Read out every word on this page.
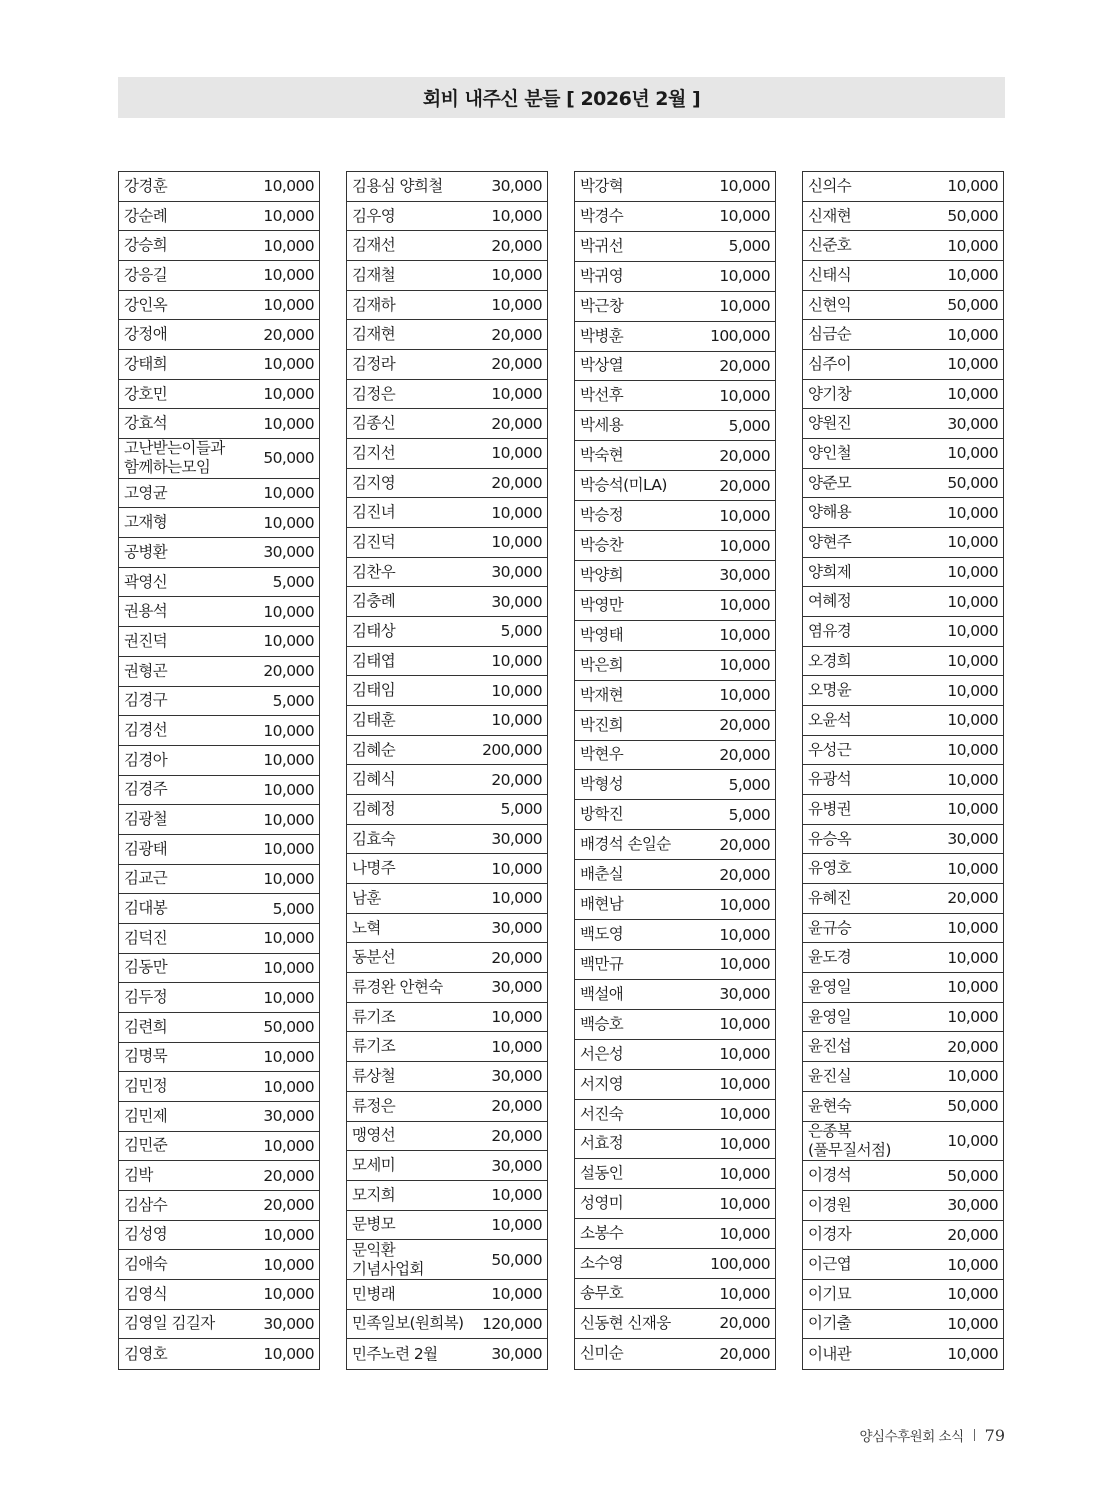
회비 내주신 분들 [ 2026년 2월 ]
강경훈	10,000
강순례	10,000
강승희	10,000
강응길	10,000
강인옥	10,000
강정애	20,000
강태희	10,000
강호민	10,000
강효석	10,000
고난받는이들과
함께하는모임	50,000
고영균	10,000
고재형	10,000
공병환	30,000
곽영신	5,000
권용석	10,000
권진덕	10,000
권형곤	20,000
김경구	5,000
김경선	10,000
김경아	10,000
김경주	10,000
김광철	10,000
김광태	10,000
김교근	10,000
김대봉	5,000
김덕진	10,000
김동만	10,000
김두정	10,000
김련희	50,000
김명묵	10,000
김민정	10,000
김민제	30,000
김민준	10,000
김박	20,000
김삼수	20,000
김성영	10,000
김애숙	10,000
김영식	10,000
김영일 김길자	30,000
김영호	10,000
김용심 양희철	30,000
김우영	10,000
김재선	20,000
김재철	10,000
김재하	10,000
김재현	20,000
김정라	20,000
김정은	10,000
김종신	20,000
김지선	10,000
김지영	20,000
김진녀	10,000
김진덕	10,000
김찬우	30,000
김충례	30,000
김태상	5,000
김태엽	10,000
김태임	10,000
김태훈	10,000
김혜순	200,000
김혜식	20,000
김혜정	5,000
김효숙	30,000
나명주	10,000
남훈	10,000
노혁	30,000
동분선	20,000
류경완 안현숙	30,000
류기조	10,000
류기조	10,000
류상철	30,000
류정은	20,000
맹영선	20,000
모세미	30,000
모지희	10,000
문병모	10,000
문익환
기념사업회	50,000
민병래	10,000
민족일보(원희복) 120,000
민주노련 2월	30,000
박강혁	10,000
박경수	10,000
박귀선	5,000
박귀영	10,000
박근창	10,000
박병훈	100,000
박상열	20,000
박선후	10,000
박세용	5,000
박숙현	20,000
박승석(미LA)	20,000
박승정	10,000
박승찬	10,000
박양희	30,000
박영만	10,000
박영태	10,000
박은희	10,000
박재현	10,000
박진희	20,000
박현우	20,000
박형성	5,000
방학진	5,000
배경석 손일순	20,000
배춘실	20,000
배현남	10,000
백도영	10,000
백만규	10,000
백설애	30,000
백승호	10,000
서은성	10,000
서지영	10,000
서진숙	10,000
서효정	10,000
설동인	10,000
성영미	10,000
소봉수	10,000
소수영	100,000
송무호	10,000
신동현 신재웅	20,000
신미순	20,000
신의수	10,000
신재현	50,000
신준호	10,000
신태식	10,000
신현익	50,000
심금순	10,000
심주이	10,000
양기창	10,000
양원진	30,000
양인철	10,000
양준모	50,000
양해용	10,000
양현주	10,000
양희제	10,000
여혜정	10,000
염유경	10,000
오경희	10,000
오명윤	10,000
오윤석	10,000
우성근	10,000
유광석	10,000
유병권	10,000
유승옥	30,000
유영호	10,000
유혜진	20,000
윤규승	10,000
윤도경	10,000
윤영일	10,000
윤영일	10,000
윤진섭	20,000
윤진실	10,000
윤현숙	50,000
은종복
(풀무질서점)	10,000
이경석	50,000
이경원	30,000
이경자	20,000
이근엽	10,000
이기묘	10,000
이기출	10,000
이내관	10,000
양심수후원회 소식 79
